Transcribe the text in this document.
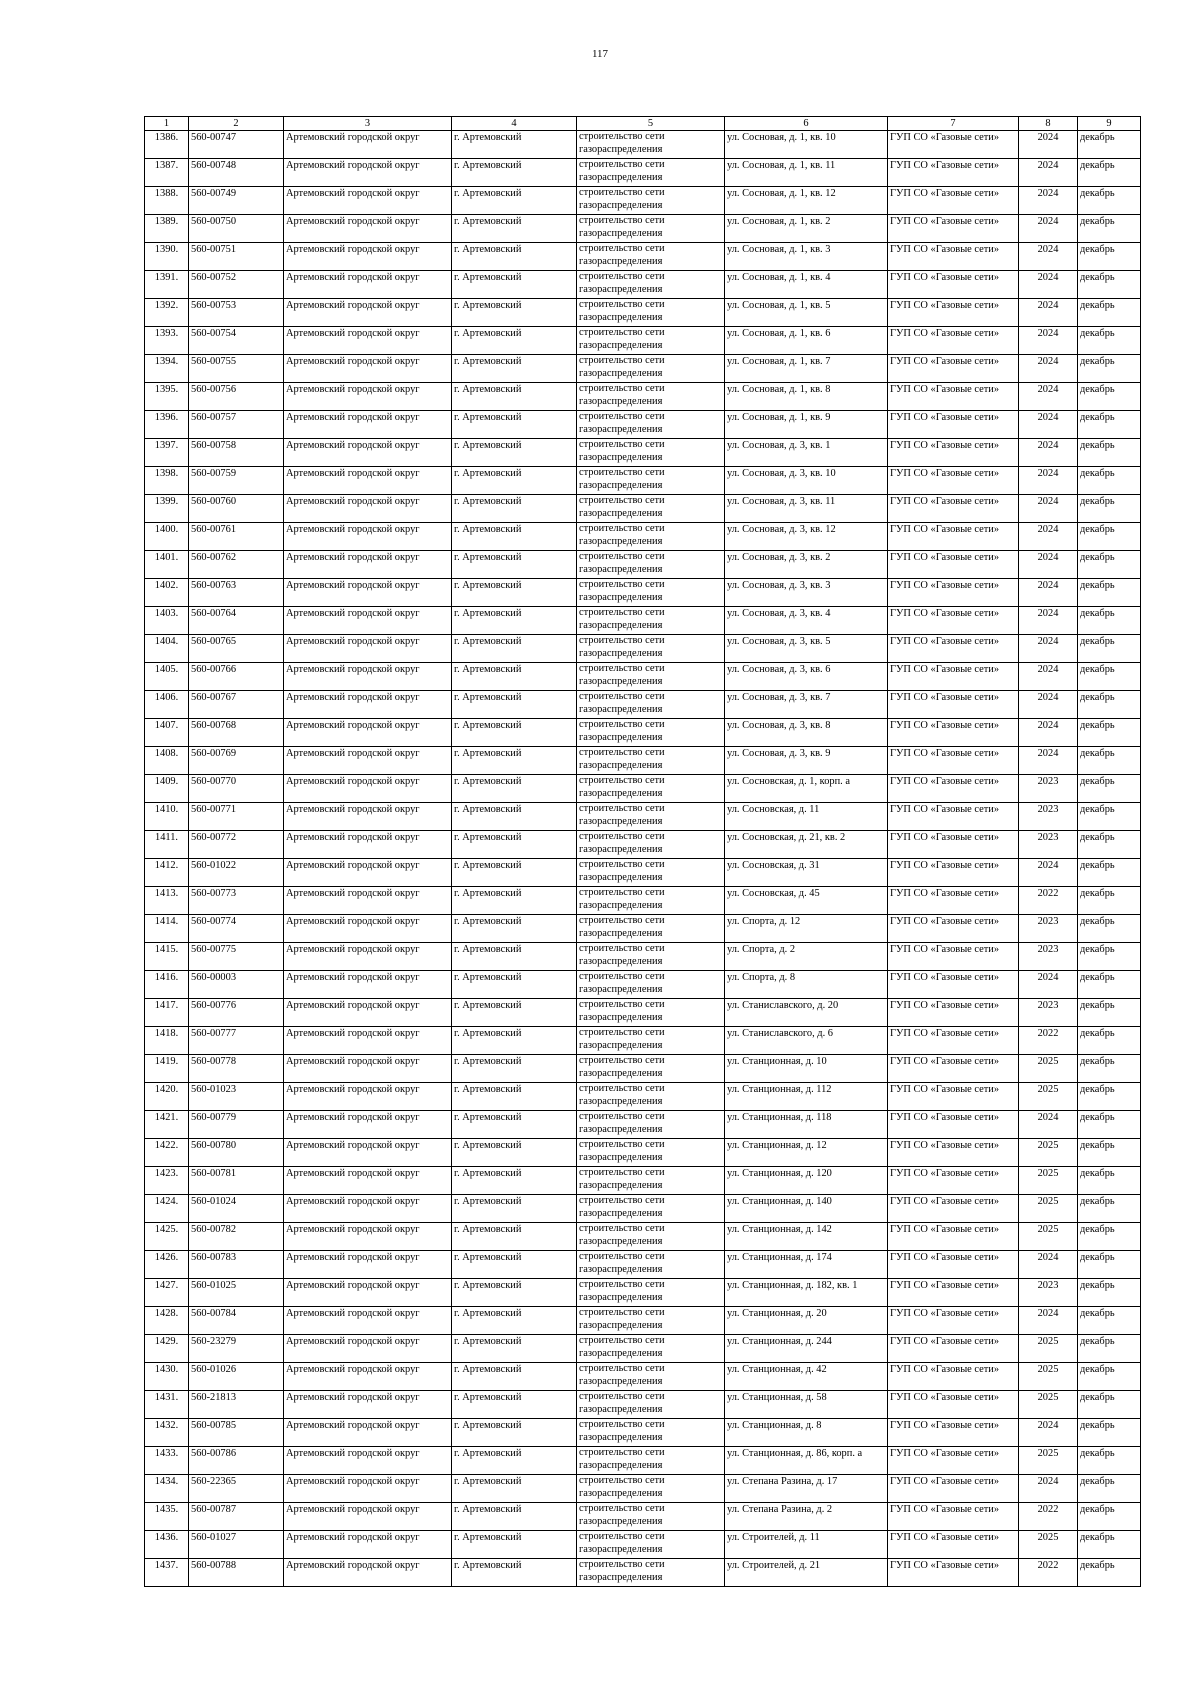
117
1	2	3	4	5	6	7	8	9
1386.	560-00747	Артемовский городской округ	г. Артемовский	строительство сети газораспределения	ул. Сосновая, д. 1, кв. 10	ГУП СО «Газовые сети»	2024	декабрь
1387.	560-00748	Артемовский городской округ	г. Артемовский	строительство сети газораспределения	ул. Сосновая, д. 1, кв. 11	ГУП СО «Газовые сети»	2024	декабрь
1388.	560-00749	Артемовский городской округ	г. Артемовский	строительство сети газораспределения	ул. Сосновая, д. 1, кв. 12	ГУП СО «Газовые сети»	2024	декабрь
1389.	560-00750	Артемовский городской округ	г. Артемовский	строительство сети газораспределения	ул. Сосновая, д. 1, кв. 2	ГУП СО «Газовые сети»	2024	декабрь
1390.	560-00751	Артемовский городской округ	г. Артемовский	строительство сети газораспределения	ул. Сосновая, д. 1, кв. 3	ГУП СО «Газовые сети»	2024	декабрь
1391.	560-00752	Артемовский городской округ	г. Артемовский	строительство сети газораспределения	ул. Сосновая, д. 1, кв. 4	ГУП СО «Газовые сети»	2024	декабрь
1392.	560-00753	Артемовский городской округ	г. Артемовский	строительство сети газораспределения	ул. Сосновая, д. 1, кв. 5	ГУП СО «Газовые сети»	2024	декабрь
1393.	560-00754	Артемовский городской округ	г. Артемовский	строительство сети газораспределения	ул. Сосновая, д. 1, кв. 6	ГУП СО «Газовые сети»	2024	декабрь
1394.	560-00755	Артемовский городской округ	г. Артемовский	строительство сети газораспределения	ул. Сосновая, д. 1, кв. 7	ГУП СО «Газовые сети»	2024	декабрь
1395.	560-00756	Артемовский городской округ	г. Артемовский	строительство сети газораспределения	ул. Сосновая, д. 1, кв. 8	ГУП СО «Газовые сети»	2024	декабрь
1396.	560-00757	Артемовский городской округ	г. Артемовский	строительство сети газораспределения	ул. Сосновая, д. 1, кв. 9	ГУП СО «Газовые сети»	2024	декабрь
1397.	560-00758	Артемовский городской округ	г. Артемовский	строительство сети газораспределения	ул. Сосновая, д. 3, кв. 1	ГУП СО «Газовые сети»	2024	декабрь
1398.	560-00759	Артемовский городской округ	г. Артемовский	строительство сети газораспределения	ул. Сосновая, д. 3, кв. 10	ГУП СО «Газовые сети»	2024	декабрь
1399.	560-00760	Артемовский городской округ	г. Артемовский	строительство сети газораспределения	ул. Сосновая, д. 3, кв. 11	ГУП СО «Газовые сети»	2024	декабрь
1400.	560-00761	Артемовский городской округ	г. Артемовский	строительство сети газораспределения	ул. Сосновая, д. 3, кв. 12	ГУП СО «Газовые сети»	2024	декабрь
1401.	560-00762	Артемовский городской округ	г. Артемовский	строительство сети газораспределения	ул. Сосновая, д. 3, кв. 2	ГУП СО «Газовые сети»	2024	декабрь
1402.	560-00763	Артемовский городской округ	г. Артемовский	строительство сети газораспределения	ул. Сосновая, д. 3, кв. 3	ГУП СО «Газовые сети»	2024	декабрь
1403.	560-00764	Артемовский городской округ	г. Артемовский	строительство сети газораспределения	ул. Сосновая, д. 3, кв. 4	ГУП СО «Газовые сети»	2024	декабрь
1404.	560-00765	Артемовский городской округ	г. Артемовский	строительство сети газораспределения	ул. Сосновая, д. 3, кв. 5	ГУП СО «Газовые сети»	2024	декабрь
1405.	560-00766	Артемовский городской округ	г. Артемовский	строительство сети газораспределения	ул. Сосновая, д. 3, кв. 6	ГУП СО «Газовые сети»	2024	декабрь
1406.	560-00767	Артемовский городской округ	г. Артемовский	строительство сети газораспределения	ул. Сосновая, д. 3, кв. 7	ГУП СО «Газовые сети»	2024	декабрь
1407.	560-00768	Артемовский городской округ	г. Артемовский	строительство сети газораспределения	ул. Сосновая, д. 3, кв. 8	ГУП СО «Газовые сети»	2024	декабрь
1408.	560-00769	Артемовский городской округ	г. Артемовский	строительство сети газораспределения	ул. Сосновая, д. 3, кв. 9	ГУП СО «Газовые сети»	2024	декабрь
1409.	560-00770	Артемовский городской округ	г. Артемовский	строительство сети газораспределения	ул. Сосновская, д. 1, корп. а	ГУП СО «Газовые сети»	2023	декабрь
1410.	560-00771	Артемовский городской округ	г. Артемовский	строительство сети газораспределения	ул. Сосновская, д. 11	ГУП СО «Газовые сети»	2023	декабрь
1411.	560-00772	Артемовский городской округ	г. Артемовский	строительство сети газораспределения	ул. Сосновская, д. 21, кв. 2	ГУП СО «Газовые сети»	2023	декабрь
1412.	560-01022	Артемовский городской округ	г. Артемовский	строительство сети газораспределения	ул. Сосновская, д. 31	ГУП СО «Газовые сети»	2024	декабрь
1413.	560-00773	Артемовский городской округ	г. Артемовский	строительство сети газораспределения	ул. Сосновская, д. 45	ГУП СО «Газовые сети»	2022	декабрь
1414.	560-00774	Артемовский городской округ	г. Артемовский	строительство сети газораспределения	ул. Спорта, д. 12	ГУП СО «Газовые сети»	2023	декабрь
1415.	560-00775	Артемовский городской округ	г. Артемовский	строительство сети газораспределения	ул. Спорта, д. 2	ГУП СО «Газовые сети»	2023	декабрь
1416.	560-00003	Артемовский городской округ	г. Артемовский	строительство сети газораспределения	ул. Спорта, д. 8	ГУП СО «Газовые сети»	2024	декабрь
1417.	560-00776	Артемовский городской округ	г. Артемовский	строительство сети газораспределения	ул. Станиславского, д. 20	ГУП СО «Газовые сети»	2023	декабрь
1418.	560-00777	Артемовский городской округ	г. Артемовский	строительство сети газораспределения	ул. Станиславского, д. 6	ГУП СО «Газовые сети»	2022	декабрь
1419.	560-00778	Артемовский городской округ	г. Артемовский	строительство сети газораспределения	ул. Станционная, д. 10	ГУП СО «Газовые сети»	2025	декабрь
1420.	560-01023	Артемовский городской округ	г. Артемовский	строительство сети газораспределения	ул. Станционная, д. 112	ГУП СО «Газовые сети»	2025	декабрь
1421.	560-00779	Артемовский городской округ	г. Артемовский	строительство сети газораспределения	ул. Станционная, д. 118	ГУП СО «Газовые сети»	2024	декабрь
1422.	560-00780	Артемовский городской округ	г. Артемовский	строительство сети газораспределения	ул. Станционная, д. 12	ГУП СО «Газовые сети»	2025	декабрь
1423.	560-00781	Артемовский городской округ	г. Артемовский	строительство сети газораспределения	ул. Станционная, д. 120	ГУП СО «Газовые сети»	2025	декабрь
1424.	560-01024	Артемовский городской округ	г. Артемовский	строительство сети газораспределения	ул. Станционная, д. 140	ГУП СО «Газовые сети»	2025	декабрь
1425.	560-00782	Артемовский городской округ	г. Артемовский	строительство сети газораспределения	ул. Станционная, д. 142	ГУП СО «Газовые сети»	2025	декабрь
1426.	560-00783	Артемовский городской округ	г. Артемовский	строительство сети газораспределения	ул. Станционная, д. 174	ГУП СО «Газовые сети»	2024	декабрь
1427.	560-01025	Артемовский городской округ	г. Артемовский	строительство сети газораспределения	ул. Станционная, д. 182, кв. 1	ГУП СО «Газовые сети»	2023	декабрь
1428.	560-00784	Артемовский городской округ	г. Артемовский	строительство сети газораспределения	ул. Станционная, д. 20	ГУП СО «Газовые сети»	2024	декабрь
1429.	560-23279	Артемовский городской округ	г. Артемовский	строительство сети газораспределения	ул. Станционная, д. 244	ГУП СО «Газовые сети»	2025	декабрь
1430.	560-01026	Артемовский городской округ	г. Артемовский	строительство сети газораспределения	ул. Станционная, д. 42	ГУП СО «Газовые сети»	2025	декабрь
1431.	560-21813	Артемовский городской округ	г. Артемовский	строительство сети газораспределения	ул. Станционная, д. 58	ГУП СО «Газовые сети»	2025	декабрь
1432.	560-00785	Артемовский городской округ	г. Артемовский	строительство сети газораспределения	ул. Станционная, д. 8	ГУП СО «Газовые сети»	2024	декабрь
1433.	560-00786	Артемовский городской округ	г. Артемовский	строительство сети газораспределения	ул. Станционная, д. 86, корп. а	ГУП СО «Газовые сети»	2025	декабрь
1434.	560-22365	Артемовский городской округ	г. Артемовский	строительство сети газораспределения	ул. Степана Разина, д. 17	ГУП СО «Газовые сети»	2024	декабрь
1435.	560-00787	Артемовский городской округ	г. Артемовский	строительство сети газораспределения	ул. Степана Разина, д. 2	ГУП СО «Газовые сети»	2022	декабрь
1436.	560-01027	Артемовский городской округ	г. Артемовский	строительство сети газораспределения	ул. Строителей, д. 11	ГУП СО «Газовые сети»	2025	декабрь
1437.	560-00788	Артемовский городской округ	г. Артемовский	строительство сети газораспределения	ул. Строителей, д. 21	ГУП СО «Газовые сети»	2022	декабрь
